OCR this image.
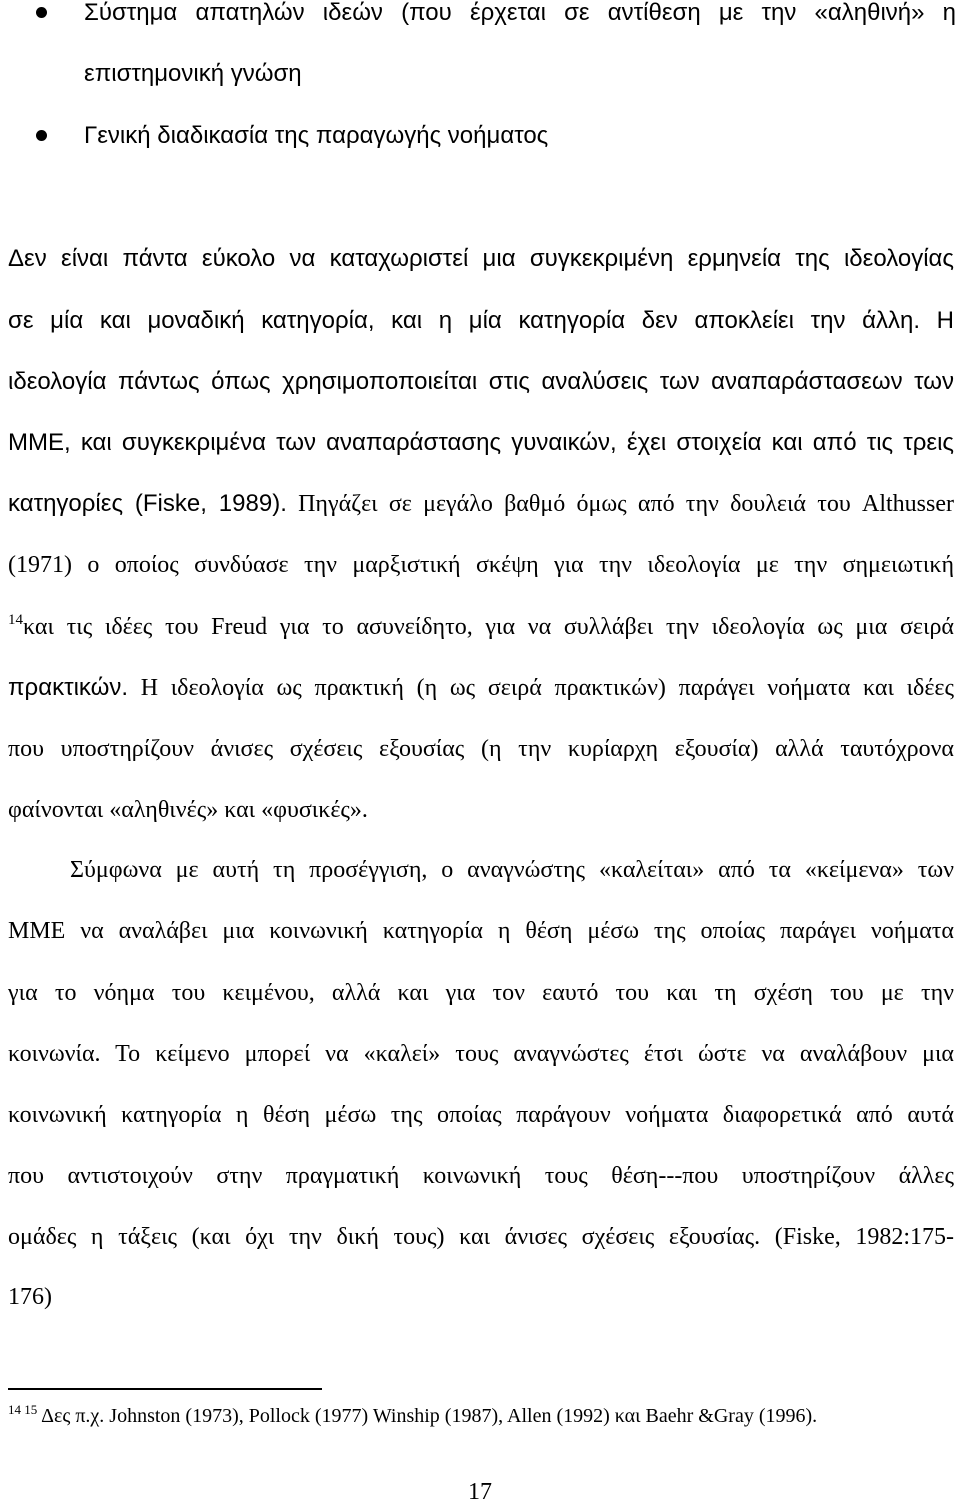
Σύστημα απατηλών ιδεών (που έρχεται σε αντίθεση με την «αληθινή» η
επιστημονική γνώση
Γενική διαδικασία της παραγωγής νοήματος
Δεν είναι πάντα εύκολο να καταχωριστεί μια συγκεκριμένη ερμηνεία της ιδεολογίας
σε μία και μοναδική κατηγορία, και η μία κατηγορία δεν αποκλείει την άλλη. Η
ιδεολογία πάντως όπως χρησιμοποποιείται στις αναλύσεις των αναπαράστασεων των
ΜΜΕ, και συγκεκριμένα των αναπαράστασης γυναικών, έχει στοιχεία και από τις τρεις
κατηγορίες (Fiske, 1989). Πηγάζει σε μεγάλο βαθμό όμως από την δουλειά του Althusser
(1971) ο οποίος συνδύασε την μαρξιστική σκέψη για την ιδεολογία με την σημειωτική
$^{14}$και τις ιδέες του Freud για το ασυνείδητο, για να συλλάβει την ιδεολογία ως μια σειρά
πρακτικών. Η ιδεολογία ως πρακτική (η ως σειρά πρακτικών) παράγει νοήματα και ιδέες
που υποστηρίζουν άνισες σχέσεις εξουσίας (η την κυρίαρχη εξουσία) αλλά ταυτόχρονα
φαίνονται «αληθινές» και «φυσικές».
Σύμφωνα με αυτή τη προσέγγιση, ο αναγνώστης «καλείται» από τα «κείμενα» των
ΜΜΕ να αναλάβει μια κοινωνική κατηγορία η θέση μέσω της οποίας παράγει νοήματα
για το νόημα του κειμένου, αλλά και για τον εαυτό του και τη σχέση του με την
κοινωνία. Το κείμενο μπορεί να «καλεί» τους αναγνώστες έτσι ώστε να αναλάβουν μια
κοινωνική κατηγορία η θέση μέσω της οποίας παράγουν νοήματα διαφορετικά από αυτά
που αντιστοιχούν στην πραγματική κοινωνική τους θέση---που υποστηρίζουν άλλες
ομάδες η τάξεις (και όχι την δική τους) και άνισες σχέσεις εξουσίας. (Fiske, 1982:175-
176)
$^{14 15}$ Δες π.χ. Johnston (1973), Pollock (1977) Winship (1987), Allen (1992) και Baehr &Gray (1996).
17
